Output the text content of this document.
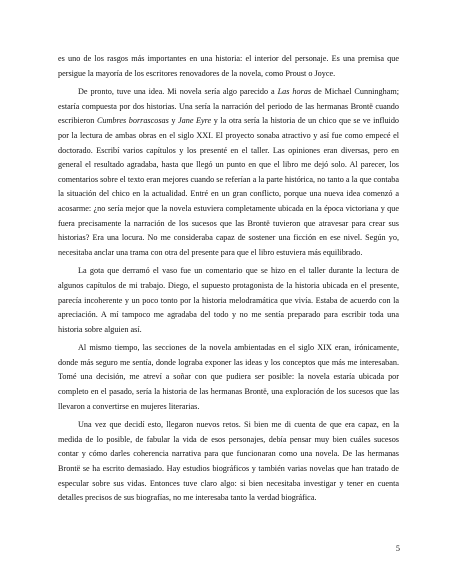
es uno de los rasgos más importantes en una historia: el interior del personaje. Es una premisa que persigue la mayoría de los escritores renovadores de la novela, como Proust o Joyce.

De pronto, tuve una idea. Mi novela sería algo parecido a Las horas de Michael Cunningham; estaría compuesta por dos historias. Una sería la narración del periodo de las hermanas Brontë cuando escribieron Cumbres borrascosas y Jane Eyre y la otra sería la historia de un chico que se ve influido por la lectura de ambas obras en el siglo XXI. El proyecto sonaba atractivo y así fue como empecé el doctorado. Escribí varios capítulos y los presenté en el taller. Las opiniones eran diversas, pero en general el resultado agradaba, hasta que llegó un punto en que el libro me dejó solo. Al parecer, los comentarios sobre el texto eran mejores cuando se referían a la parte histórica, no tanto a la que contaba la situación del chico en la actualidad. Entré en un gran conflicto, porque una nueva idea comenzó a acosarme: ¿no sería mejor que la novela estuviera completamente ubicada en la época victoriana y que fuera precisamente la narración de los sucesos que las Brontë tuvieron que atravesar para crear sus historias? Era una locura. No me consideraba capaz de sostener una ficción en ese nivel. Según yo, necesitaba anclar una trama con otra del presente para que el libro estuviera más equilibrado.

La gota que derramó el vaso fue un comentario que se hizo en el taller durante la lectura de algunos capítulos de mi trabajo. Diego, el supuesto protagonista de la historia ubicada en el presente, parecía incoherente y un poco tonto por la historia melodramática que vivía. Estaba de acuerdo con la apreciación. A mí tampoco me agradaba del todo y no me sentía preparado para escribir toda una historia sobre alguien así.

Al mismo tiempo, las secciones de la novela ambientadas en el siglo XIX eran, irónicamente, donde más seguro me sentía, donde lograba exponer las ideas y los conceptos que más me interesaban. Tomé una decisión, me atreví a soñar con que pudiera ser posible: la novela estaría ubicada por completo en el pasado, sería la historia de las hermanas Brontë, una exploración de los sucesos que las llevaron a convertirse en mujeres literarias.

Una vez que decidí esto, llegaron nuevos retos. Si bien me di cuenta de que era capaz, en la medida de lo posible, de fabular la vida de esos personajes, debía pensar muy bien cuáles sucesos contar y cómo darles coherencia narrativa para que funcionaran como una novela. De las hermanas Brontë se ha escrito demasiado. Hay estudios biográficos y también varias novelas que han tratado de especular sobre sus vidas. Entonces tuve claro algo: si bien necesitaba investigar y tener en cuenta detalles precisos de sus biografías, no me interesaba tanto la verdad biográfica.

5
